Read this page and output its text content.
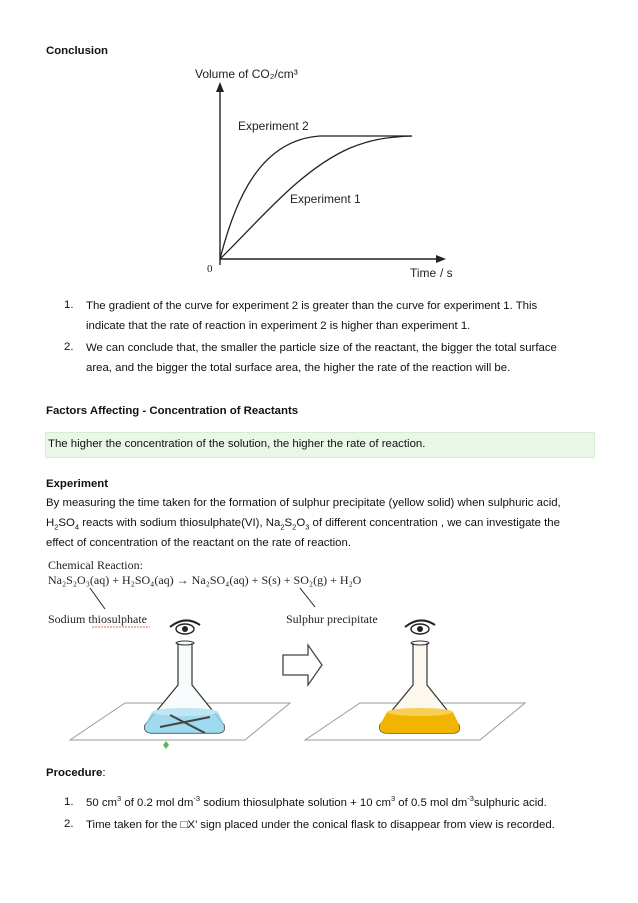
Conclusion
Volume of CO₂/cm³
0
Experiment 2
Experiment 1
Time / s
1. The gradient of the curve for experiment 2 is greater than the curve for experiment 1. This
indicate that the rate of reaction in experiment 2 is higher than experiment 1.
2. We can conclude that, the smaller the particle size of the reactant, the bigger the total surface
area, and the bigger the total surface area, the higher the rate of the reaction will be.
Factors Affecting - Concentration of Reactants
The higher the concentration of the solution, the higher the rate of reaction.
Experiment
By measuring the time taken for the formation of sulphur precipitate (yellow solid) when sulphuric acid,
$H_2SO_4$ reacts with sodium thiosulphate(VI), $Na_2S_2O_3$ of different concentration , we can investigate the
effect of concentration of the reactant on the rate of reaction.
Chemical Reaction:
Na₂S₂O₃(aq) + H₂SO₄(aq) → Na₂SO₄(aq) + S(s) + SO₂(g) + H₂O
Sodium thiosulphate	Sulphur precipitate
Procedure:
1. 50 $cm^3$ of 0.2 mol $dm^{-3}$ sodium thiosulphate solution + 10 $cm^3$ of 0.5 mol $dm^{-3}sulphuric$ acid.
2. Time taken for the □X’ sign placed under the conical flask to disappear from view is recorded.
